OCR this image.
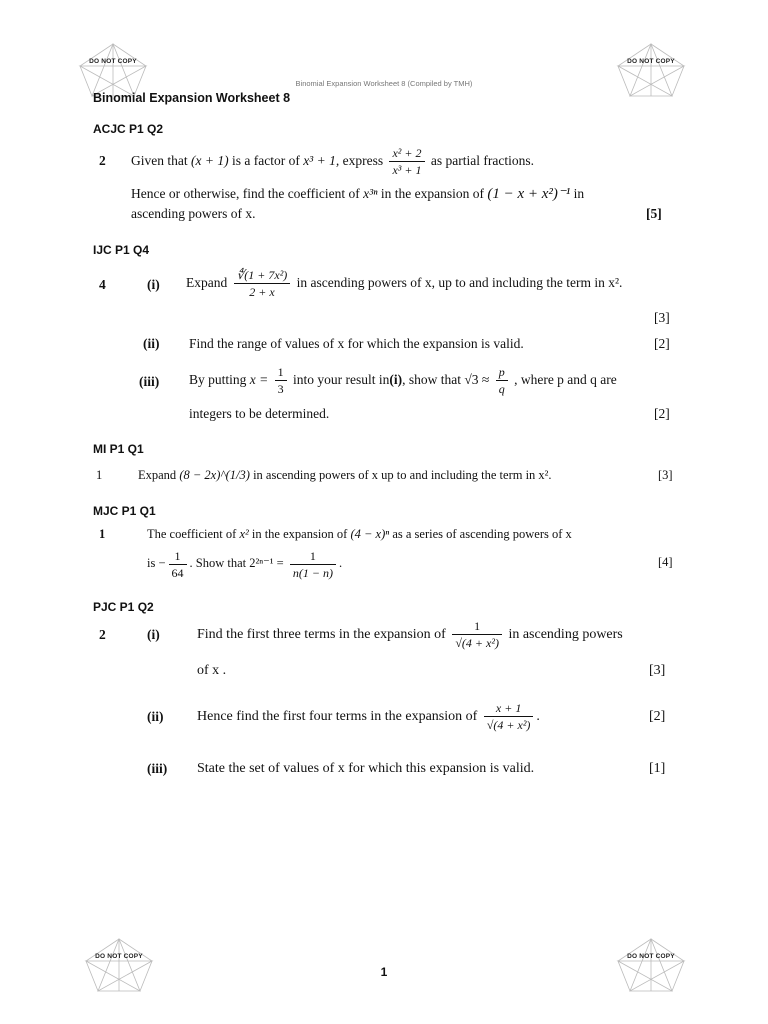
DO NOT COPY	DO NOT COPY
DO NOT COPY	DO NOT COPY
Binomial Expansion Worksheet 8 (Compiled by TMH)
Binomial Expansion Worksheet 8
ACJC P1 Q2
2 Given that (x + 1) is a factor of x³ + 1, express $\frac{\text{x² + 2}}{\text{x³ + 1}}$ as partial fractions.
Hence or otherwise, find the coefficient of x³ⁿ in the expansion of (1 − x + x²)⁻¹ in
ascending powers of x.	[5]
IJC P1 Q4
4	(i) Expand $\frac{\text{∜(1 + 7x²)}}{2 + x}$ in ascending powers of x, up to and including the term in x².
[3]
(ii) Find the range of values of x for which the expansion is valid.	[2]
(iii) By putting $x = \frac{1}{3}$ into your result in(i), show that $√3 \approx \frac{p}{q}$ , where p and q are
integers to be determined.	[2]
MI P1 Q1
1	Expand (8 − 2x)^(1/3) in ascending powers of x up to and including the term in x².	[3]
MJC P1 Q1
1	The coefficient of x² in the expansion of (4 − x)ⁿ as a series of ascending powers of x
is − $\frac{1}{64}$ . Show that $2^{2n-1} = \frac{1}{n(1 - n)}$ .	[4]
PJC P1 Q2
2	(i)	Find the first three terms in the expansion of $\frac{1}{\text{√(4 + x²)}}$ in ascending powers
of x .	[3]
(ii) Hence find the first four terms in the expansion of $\frac{x + 1}{\text{√(4 + x²)}}$ .	[2]
(iii) State the set of values of x for which this expansion is valid.	[1]
1
